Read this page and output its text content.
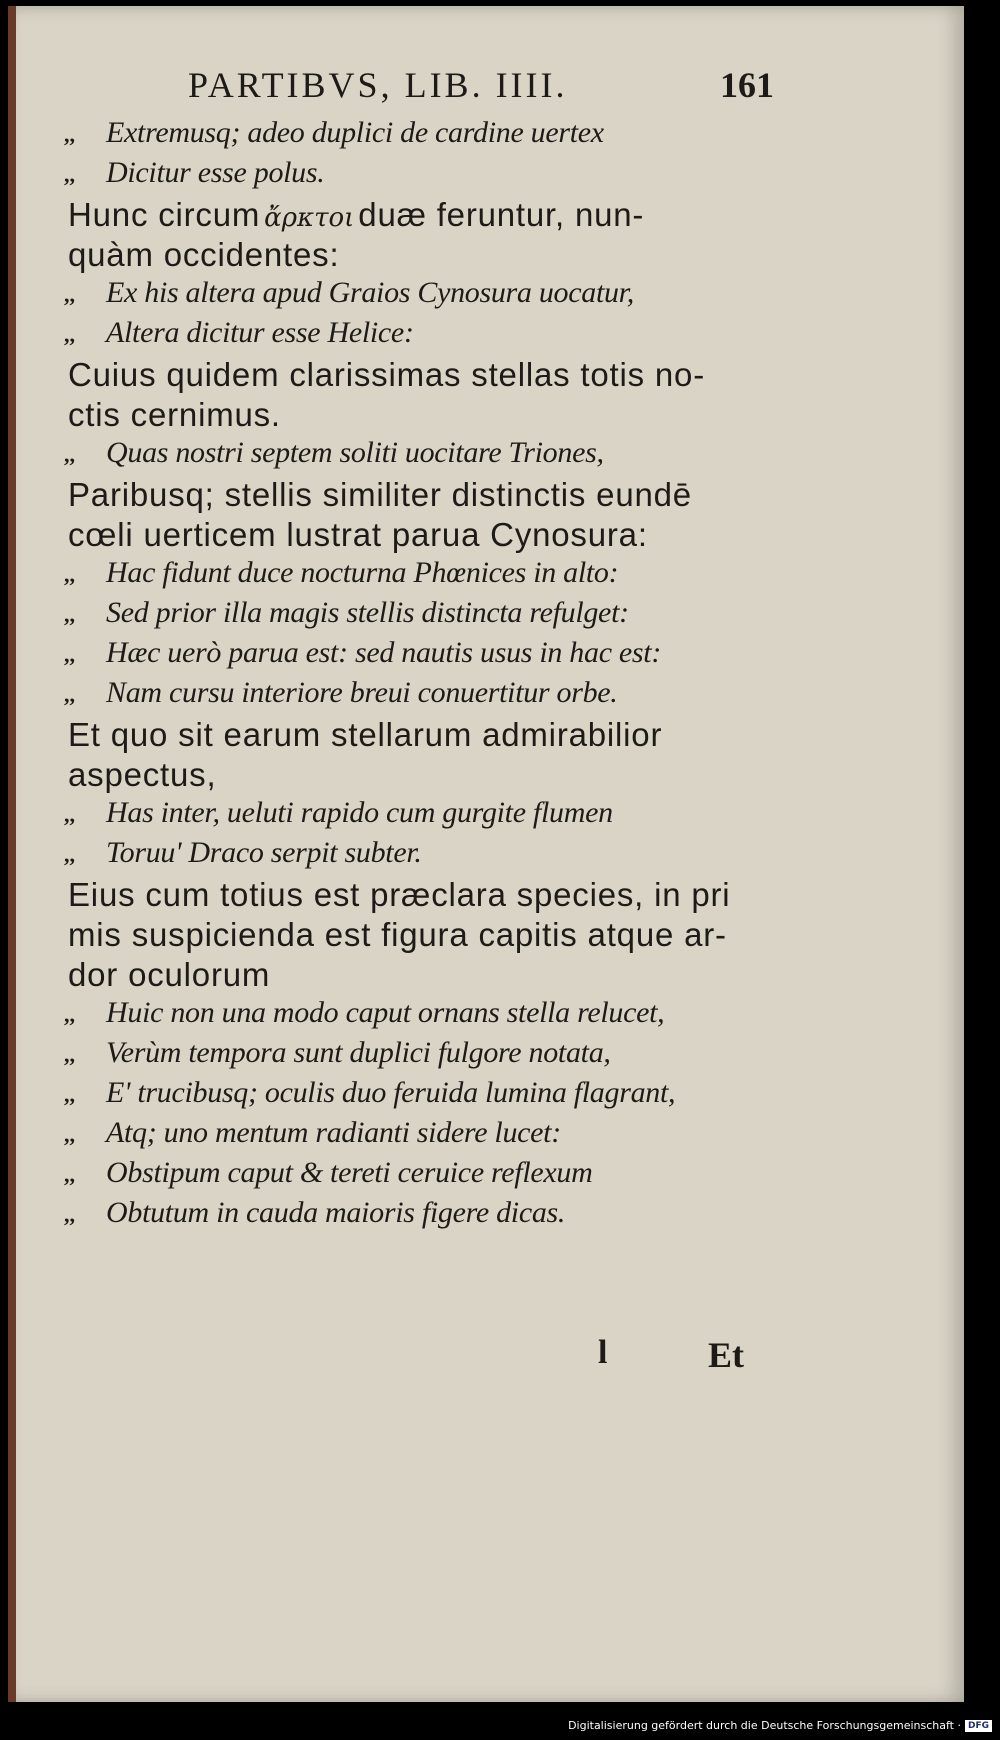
PARTIBVS, LIB. IIII.	161
,,	Extremusq; adeo duplici de cardine uertex
,,	Dicitur esse polus.
Hunc circum
ἄρκτοι
duæ feruntur, nun-
quàm occidentes:
,,	Ex his altera apud Graios Cynosura uocatur,
,,	Altera dicitur esse Helice:
Cuius quidem clarissimas stellas totis no-
ctis cernimus.
,,	Quas nostri septem soliti uocitare Triones,
Paribusq; stellis similiter distinctis eundē
cœli uerticem lustrat parua Cynosura:
,,	Hac fidunt duce nocturna Phœnices in alto:
,,	Sed prior illa magis stellis distincta refulget:
,,	Hæc uerò parua est: sed nautis usus in hac est:
,,	Nam cursu interiore breui conuertitur orbe.
Et quo sit earum stellarum admirabilior
aspectus,
,,	Has inter, ueluti rapido cum gurgite flumen
,,	Toruu' Draco serpit subter.
Eius cum totius est præclara species, in pri
mis suspicienda est figura capitis atque ar-
dor oculorum
,,	Huic non una modo caput ornans stella relucet,
,,	Verùm tempora sunt duplici fulgore notata,
,,	E' trucibusq; oculis duo feruida lumina flagrant,
,,	Atq; uno mentum radianti sidere lucet:
,,	Obstipum caput & tereti ceruice reflexum
,,	Obtutum in cauda maioris figere dicas.
l	Et
Digitalisierung gefördert durch die Deutsche Forschungsgemeinschaft · DFG
